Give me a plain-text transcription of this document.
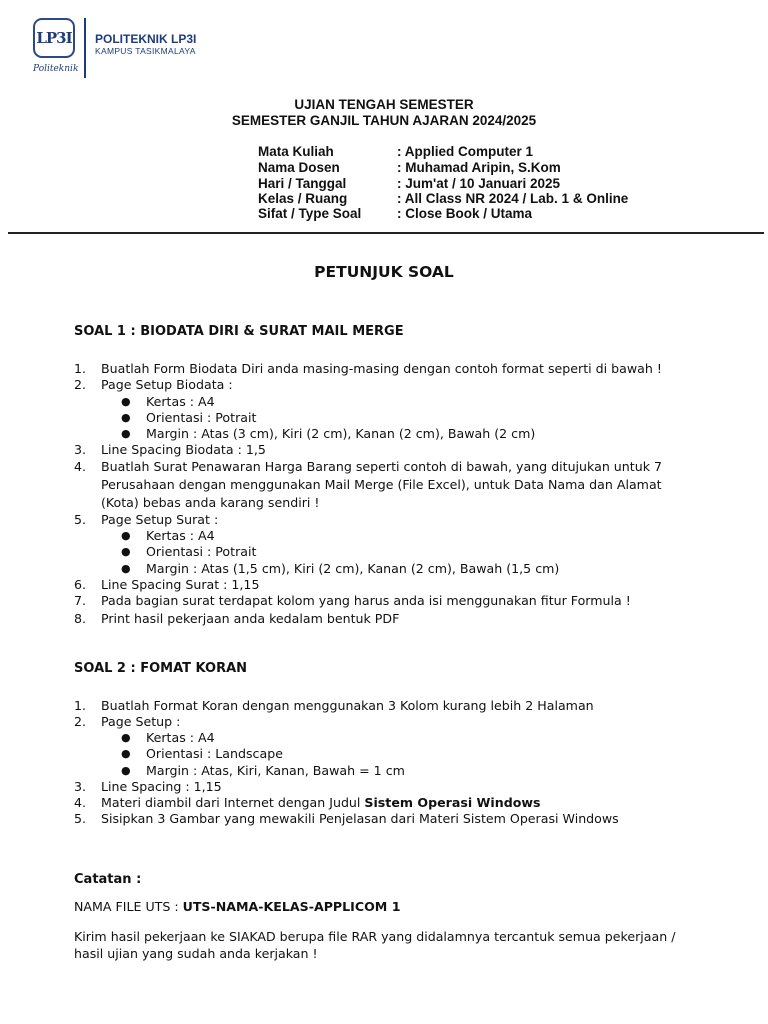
LP3I
Politeknik
POLITEKNIK LP3I
KAMPUS TASIKMALAYA
UJIAN TENGAH SEMESTER
SEMESTER GANJIL TAHUN AJARAN 2024/2025
Mata Kuliah	: Applied Computer 1
Nama Dosen	: Muhamad Aripin, S.Kom
Hari / Tanggal	: Jum'at / 10 Januari 2025
Kelas / Ruang	: All Class NR 2024 / Lab. 1 & Online
Sifat / Type Soal	: Close Book / Utama
PETUNJUK SOAL
SOAL 1 : BIODATA DIRI & SURAT MAIL MERGE
1. Buatlah Form Biodata Diri anda masing-masing dengan contoh format seperti di bawah !
2. Page Setup Biodata :
● Kertas : A4
● Orientasi : Potrait
● Margin : Atas (3 cm), Kiri (2 cm), Kanan (2 cm), Bawah (2 cm)
3. Line Spacing Biodata : 1,5
4. Buatlah Surat Penawaran Harga Barang seperti contoh di bawah, yang ditujukan untuk 7
Perusahaan dengan menggunakan Mail Merge (File Excel), untuk Data Nama dan Alamat
(Kota) bebas anda karang sendiri !
5. Page Setup Surat :
● Kertas : A4
● Orientasi : Potrait
● Margin : Atas (1,5 cm), Kiri (2 cm), Kanan (2 cm), Bawah (1,5 cm)
6. Line Spacing Surat : 1,15
7. Pada bagian surat terdapat kolom yang harus anda isi menggunakan fitur Formula !
8. Print hasil pekerjaan anda kedalam bentuk PDF
SOAL 2 : FOMAT KORAN
1. Buatlah Format Koran dengan menggunakan 3 Kolom kurang lebih 2 Halaman
2. Page Setup :
● Kertas : A4
● Orientasi : Landscape
● Margin : Atas, Kiri, Kanan, Bawah = 1 cm
3. Line Spacing : 1,15
4. Materi diambil dari Internet dengan Judul Sistem Operasi Windows
5. Sisipkan 3 Gambar yang mewakili Penjelasan dari Materi Sistem Operasi Windows
Catatan :
NAMA FILE UTS : UTS-NAMA-KELAS-APPLICOM 1
Kirim hasil pekerjaan ke SIAKAD berupa file RAR yang didalamnya tercantuk semua pekerjaan /
hasil ujian yang sudah anda kerjakan !
